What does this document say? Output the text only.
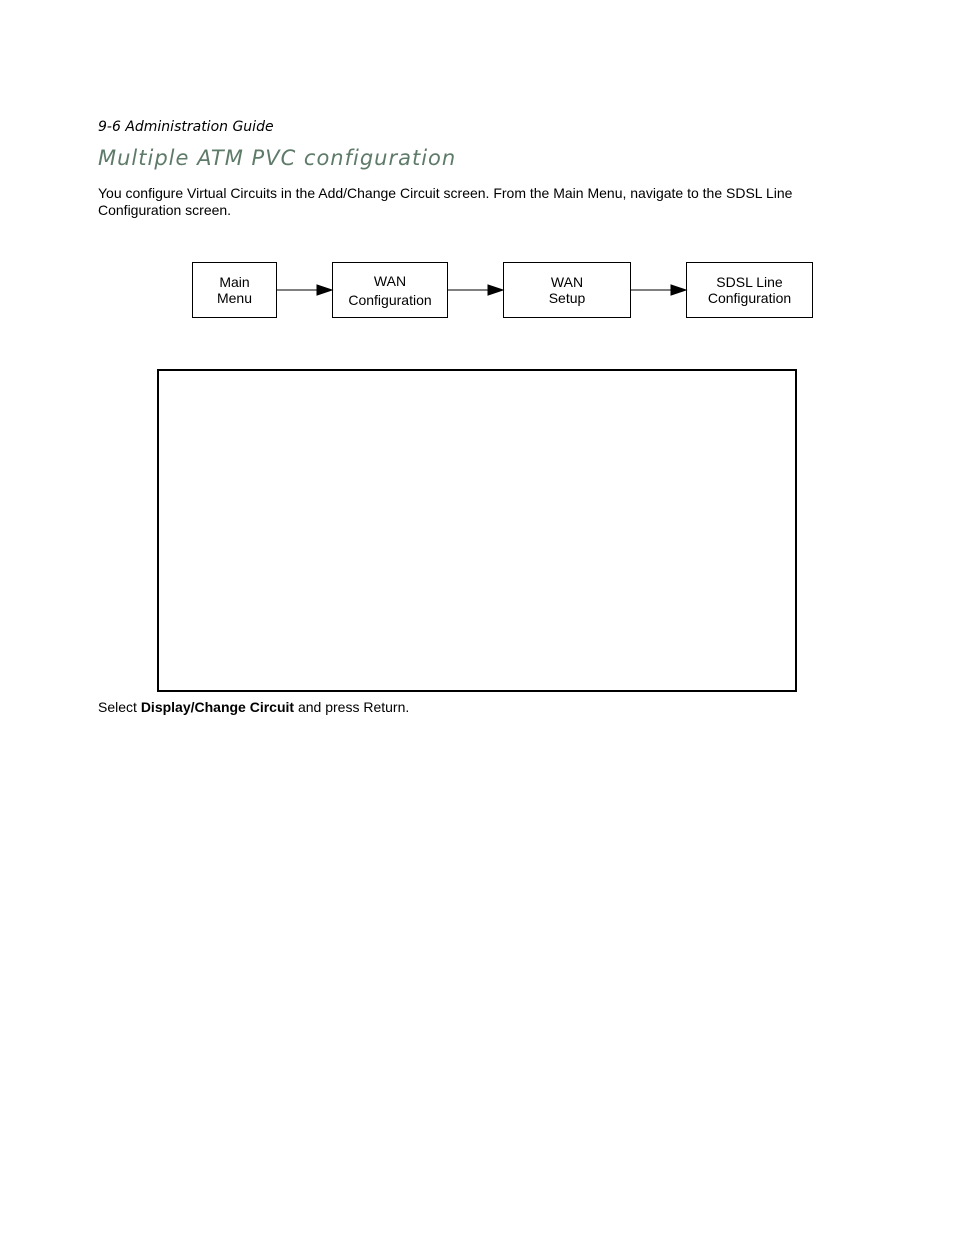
9-6 Administration Guide
Multiple ATM PVC configuration

You configure Virtual Circuits in the Add/Change Circuit screen. From the Main Menu, navigate to the SDSL Line Configuration screen.

Main
Menu
WAN
Configuration
WAN
Setup
SDSL Line
Configuration

Select Display/Change Circuit and press Return.
